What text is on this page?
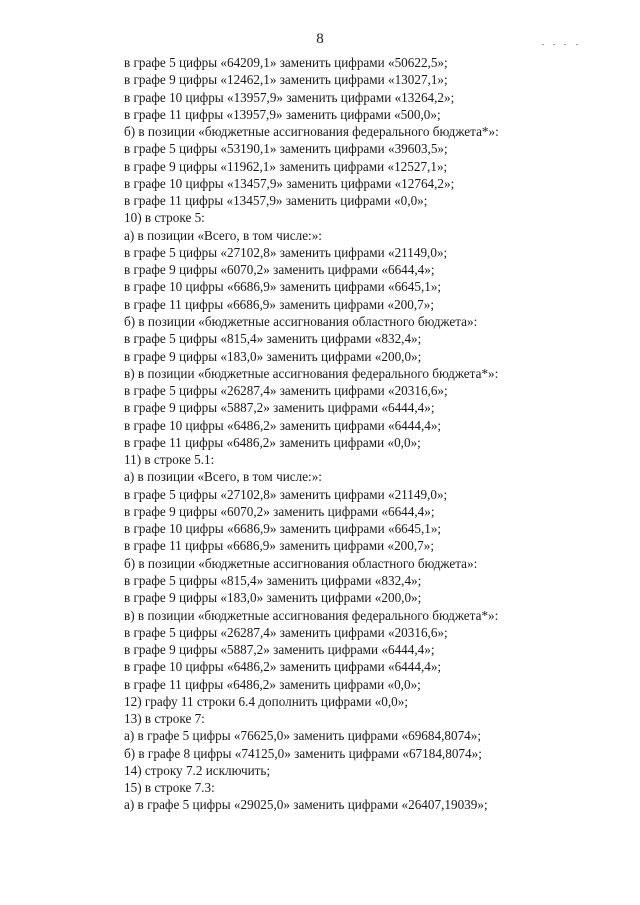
8
в графе 5 цифры «64209,1» заменить цифрами «50622,5»;
в графе 9 цифры «12462,1» заменить цифрами «13027,1»;
в графе 10 цифры «13957,9» заменить цифрами «13264,2»;
в графе 11 цифры «13957,9» заменить цифрами «500,0»;
б) в позиции «бюджетные ассигнования федерального бюджета*»:
в графе 5 цифры «53190,1» заменить цифрами «39603,5»;
в графе 9 цифры «11962,1» заменить цифрами «12527,1»;
в графе 10 цифры «13457,9» заменить цифрами «12764,2»;
в графе 11 цифры «13457,9» заменить цифрами «0,0»;
10) в строке 5:
а) в позиции «Всего, в том числе:»:
в графе 5 цифры «27102,8» заменить цифрами «21149,0»;
в графе 9 цифры «6070,2» заменить цифрами «6644,4»;
в графе 10 цифры «6686,9» заменить цифрами «6645,1»;
в графе 11 цифры «6686,9» заменить цифрами «200,7»;
б) в позиции «бюджетные ассигнования областного бюджета»:
в графе 5 цифры «815,4» заменить цифрами «832,4»;
в графе 9 цифры «183,0» заменить цифрами «200,0»;
в) в позиции «бюджетные ассигнования федерального бюджета*»:
в графе 5 цифры «26287,4» заменить цифрами «20316,6»;
в графе 9 цифры «5887,2» заменить цифрами «6444,4»;
в графе 10 цифры «6486,2» заменить цифрами «6444,4»;
в графе 11 цифры «6486,2» заменить цифрами «0,0»;
11) в строке 5.1:
а) в позиции «Всего, в том числе:»:
в графе 5 цифры «27102,8» заменить цифрами «21149,0»;
в графе 9 цифры «6070,2» заменить цифрами «6644,4»;
в графе 10 цифры «6686,9» заменить цифрами «6645,1»;
в графе 11 цифры «6686,9» заменить цифрами «200,7»;
б) в позиции «бюджетные ассигнования областного бюджета»:
в графе 5 цифры «815,4» заменить цифрами «832,4»;
в графе 9 цифры «183,0» заменить цифрами «200,0»;
в) в позиции «бюджетные ассигнования федерального бюджета*»:
в графе 5 цифры «26287,4» заменить цифрами «20316,6»;
в графе 9 цифры «5887,2» заменить цифрами «6444,4»;
в графе 10 цифры «6486,2» заменить цифрами «6444,4»;
в графе 11 цифры «6486,2» заменить цифрами «0,0»;
12) графу 11 строки 6.4 дополнить цифрами «0,0»;
13) в строке 7:
а) в графе 5 цифры «76625,0» заменить цифрами «69684,8074»;
б) в графе 8 цифры «74125,0» заменить цифрами «67184,8074»;
14) строку 7.2 исключить;
15) в строке 7.3:
а) в графе 5 цифры «29025,0» заменить цифрами «26407,19039»;
